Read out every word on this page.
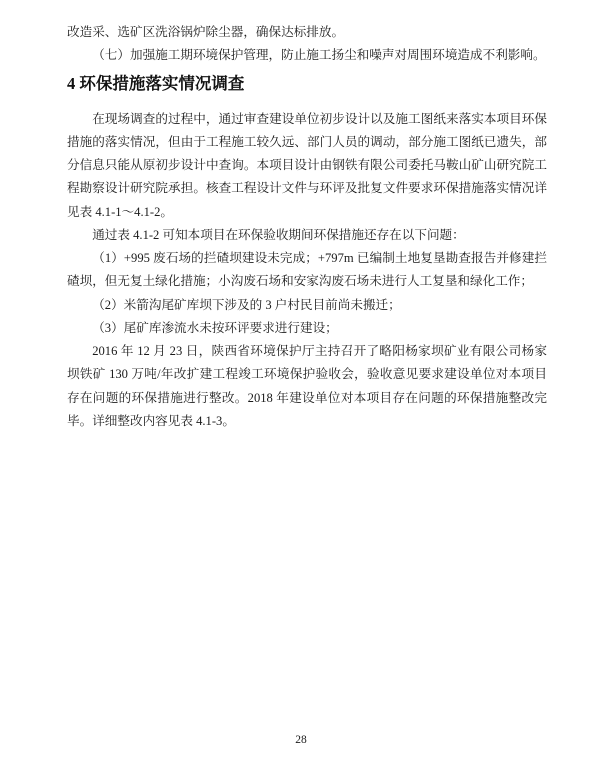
改造采、选矿区洗浴锅炉除尘器，确保达标排放。

（七）加强施工期环境保护管理，防止施工扬尘和噪声对周围环境造成不利影响。

4 环保措施落实情况调查

在现场调查的过程中，通过审查建设单位初步设计以及施工图纸来落实本项目环保措施的落实情况，但由于工程施工较久远、部门人员的调动，部分施工图纸已遗失，部分信息只能从原初步设计中查询。本项目设计由钢铁有限公司委托马鞍山矿山研究院工程勘察设计研究院承担。核查工程设计文件与环评及批复文件要求环保措施落实情况详见表 4.1-1～4.1-2。

通过表 4.1-2 可知本项目在环保验收期间环保措施还存在以下问题：

（1）+995 废石场的拦碴坝建设未完成；+797m 已编制土地复垦勘查报告并修建拦碴坝，但无复土绿化措施；小沟废石场和安家沟废石场未进行人工复垦和绿化工作；

（2）米箭沟尾矿库坝下涉及的 3 户村民目前尚未搬迁；

（3）尾矿库渗流水未按环评要求进行建设；

2016 年 12 月 23 日，陕西省环境保护厅主持召开了略阳杨家坝矿业有限公司杨家坝铁矿 130 万吨/年改扩建工程竣工环境保护验收会，验收意见要求建设单位对本项目存在问题的环保措施进行整改。2018 年建设单位对本项目存在问题的环保措施整改完毕。详细整改内容见表 4.1-3。

28
